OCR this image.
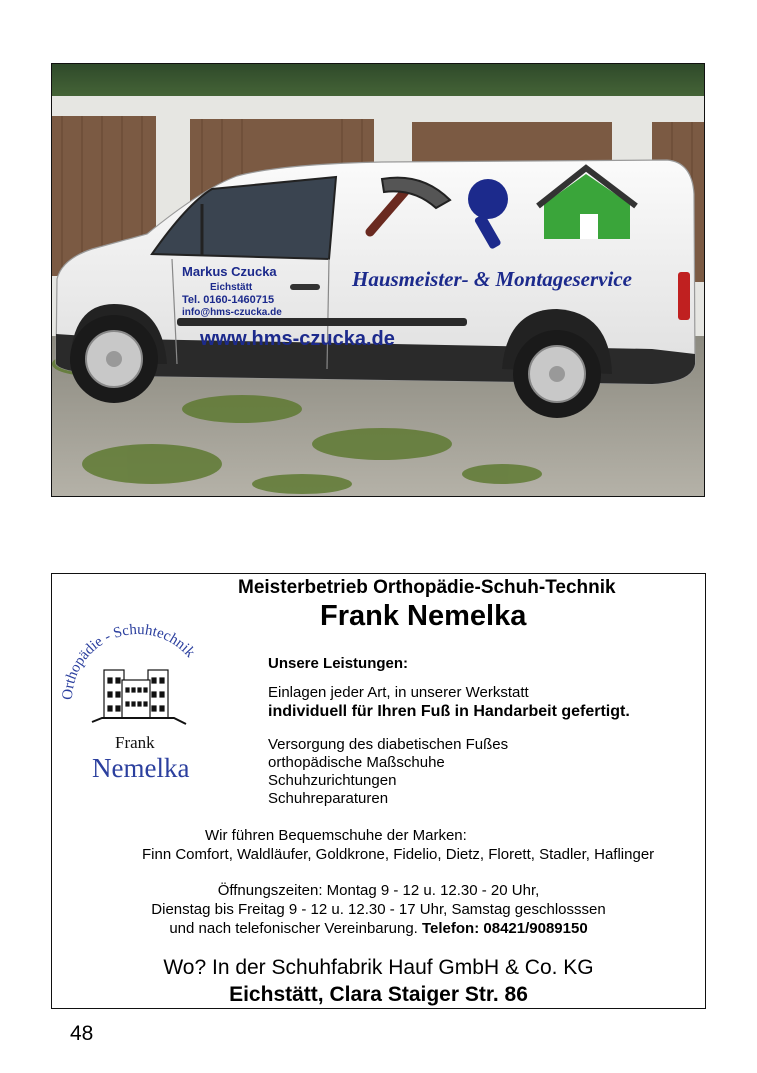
Markus Czucka
Eichstätt
Tel. 0160-1460715
info@hms-czucka.de
www.hms-czucka.de
Hausmeister- & Montageservice
Meisterbetrieb Orthopädie-Schuh-Technik
Frank Nemelka
rthopädie - Schuhtechnik
Frank
Nemelka
Unsere Leistungen:
Einlagen jeder Art, in unserer Werkstatt
individuell für Ihren Fuß in Handarbeit gefertigt.
Versorgung des diabetischen Fußes
orthopädische Maßschuhe
Schuhzurichtungen
Schuhreparaturen
Wir führen Bequemschuhe der Marken:
Finn Comfort, Waldläufer, Goldkrone, Fidelio, Dietz, Florett, Stadler, Haflinger
Öffnungszeiten: Montag 9 - 12 u. 12.30 - 20 Uhr,
Dienstag bis Freitag 9 - 12 u. 12.30 - 17 Uhr, Samstag geschlosssen
und nach telefonischer Vereinbarung. Telefon: 08421/9089150
Wo? In der Schuhfabrik Hauf GmbH & Co. KG
Eichstätt, Clara Staiger Str. 86
48
